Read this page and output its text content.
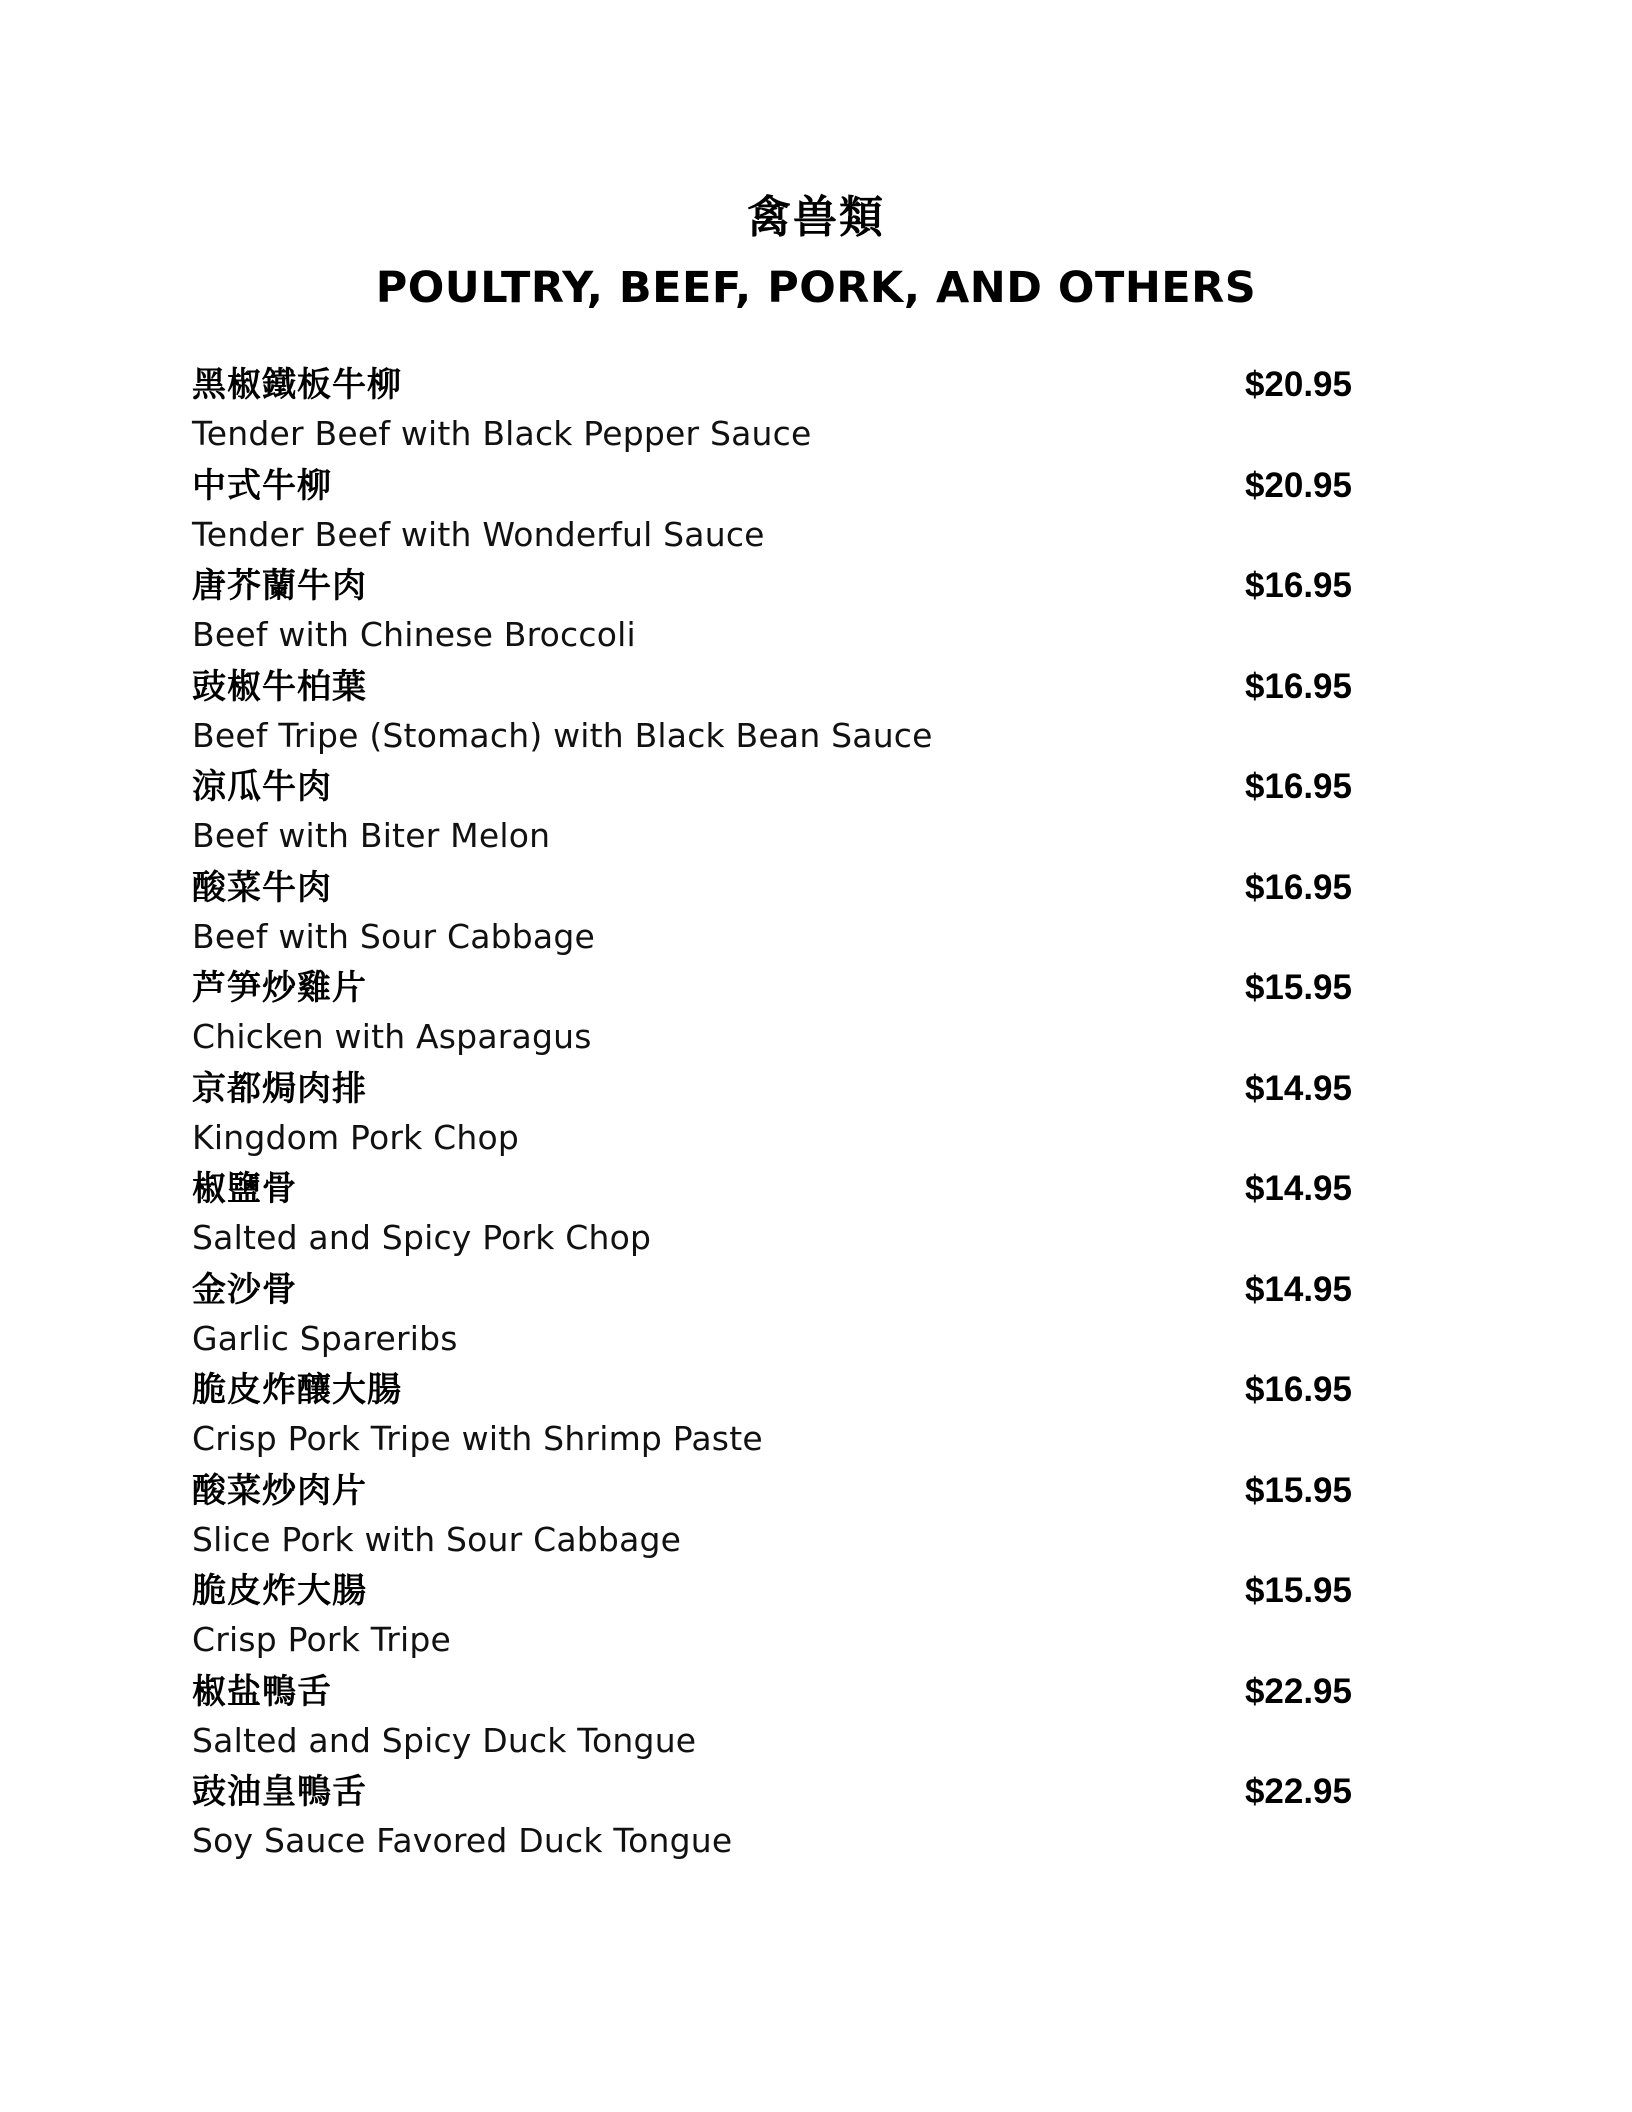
禽兽類
POULTRY, BEEF, PORK, AND OTHERS
黑椒鐵板牛柳	$20.95
Tender Beef with Black Pepper Sauce
中式牛柳	$20.95
Tender Beef with Wonderful Sauce
唐芥蘭牛肉	$16.95
Beef with Chinese Broccoli
豉椒牛柏葉	$16.95
Beef Tripe (Stomach) with Black Bean Sauce
涼瓜牛肉	$16.95
Beef with Biter Melon
酸菜牛肉	$16.95
Beef with Sour Cabbage
芦笋炒雞片	$15.95
Chicken with Asparagus
京都焗肉排	$14.95
Kingdom Pork Chop
椒鹽骨	$14.95
Salted and Spicy Pork Chop
金沙骨	$14.95
Garlic Spareribs
脆皮炸釀大腸	$16.95
Crisp Pork Tripe with Shrimp Paste
酸菜炒肉片	$15.95
Slice Pork with Sour Cabbage
脆皮炸大腸	$15.95
Crisp Pork Tripe
椒盐鴨舌	$22.95
Salted and Spicy Duck Tongue
豉油皇鴨舌	$22.95
Soy Sauce Favored Duck Tongue
